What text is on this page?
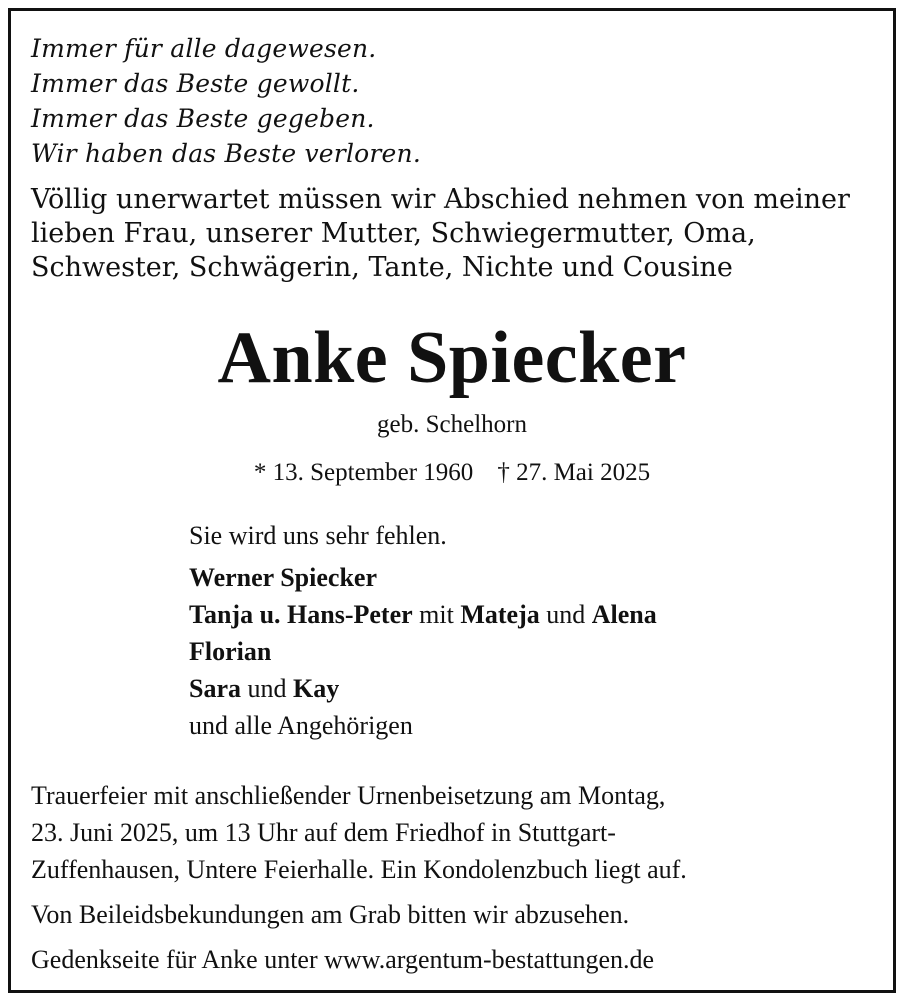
Immer für alle dagewesen.
Immer das Beste gewollt.
Immer das Beste gegeben.
Wir haben das Beste verloren.
Völlig unerwartet müssen wir Abschied nehmen von meiner
lieben Frau, unserer Mutter, Schwiegermutter, Oma,
Schwester, Schwägerin, Tante, Nichte und Cousine
Anke Spiecker
geb. Schelhorn
* 13. September 1960 † 27. Mai 2025
Sie wird uns sehr fehlen.
Werner Spiecker
Tanja u. Hans-Peter mit Mateja und Alena
Florian
Sara und Kay
und alle Angehörigen

Trauerfeier mit anschließender Urnenbeisetzung am Montag,

23. Juni 2025, um 13 Uhr auf dem Friedhof in Stuttgart-

Zuffenhausen, Untere Feierhalle. Ein Kondolenzbuch liegt auf.

Von Beileidsbekundungen am Grab bitten wir abzusehen.

Gedenkseite für Anke unter www.argentum-bestattungen.de
